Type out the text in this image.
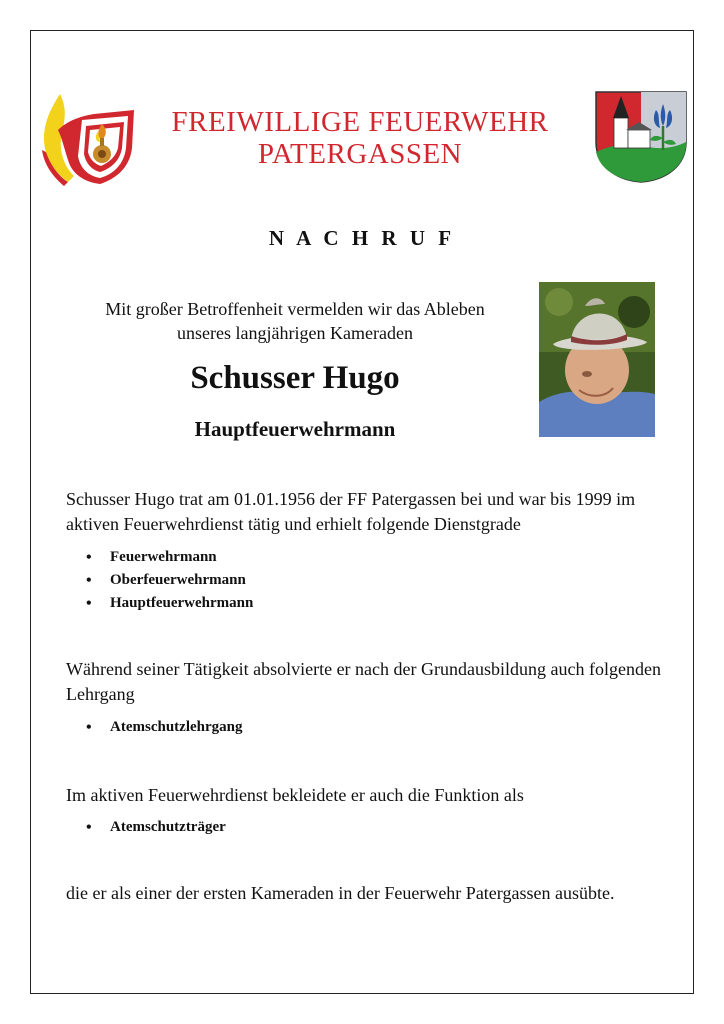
FREIWILLIGE FEUERWEHR
PATERGASSEN
N A C H R U F
Mit großer Betroffenheit vermelden wir das Ableben
unseres langjährigen Kameraden
Schusser Hugo
Hauptfeuerwehrmann
Schusser Hugo trat am 01.01.1956 der FF Patergassen bei und war bis 1999 im aktiven Feuerwehrdienst tätig und erhielt folgende Dienstgrade
• Feuerwehrmann
• Oberfeuerwehrmann
• Hauptfeuerwehrmann
Während seiner Tätigkeit absolvierte er nach der Grundausbildung auch folgenden Lehrgang
• Atemschutzlehrgang
Im aktiven Feuerwehrdienst bekleidete er auch die Funktion als
• Atemschutzträger
die er als einer der ersten Kameraden in der Feuerwehr Patergassen ausübte.
